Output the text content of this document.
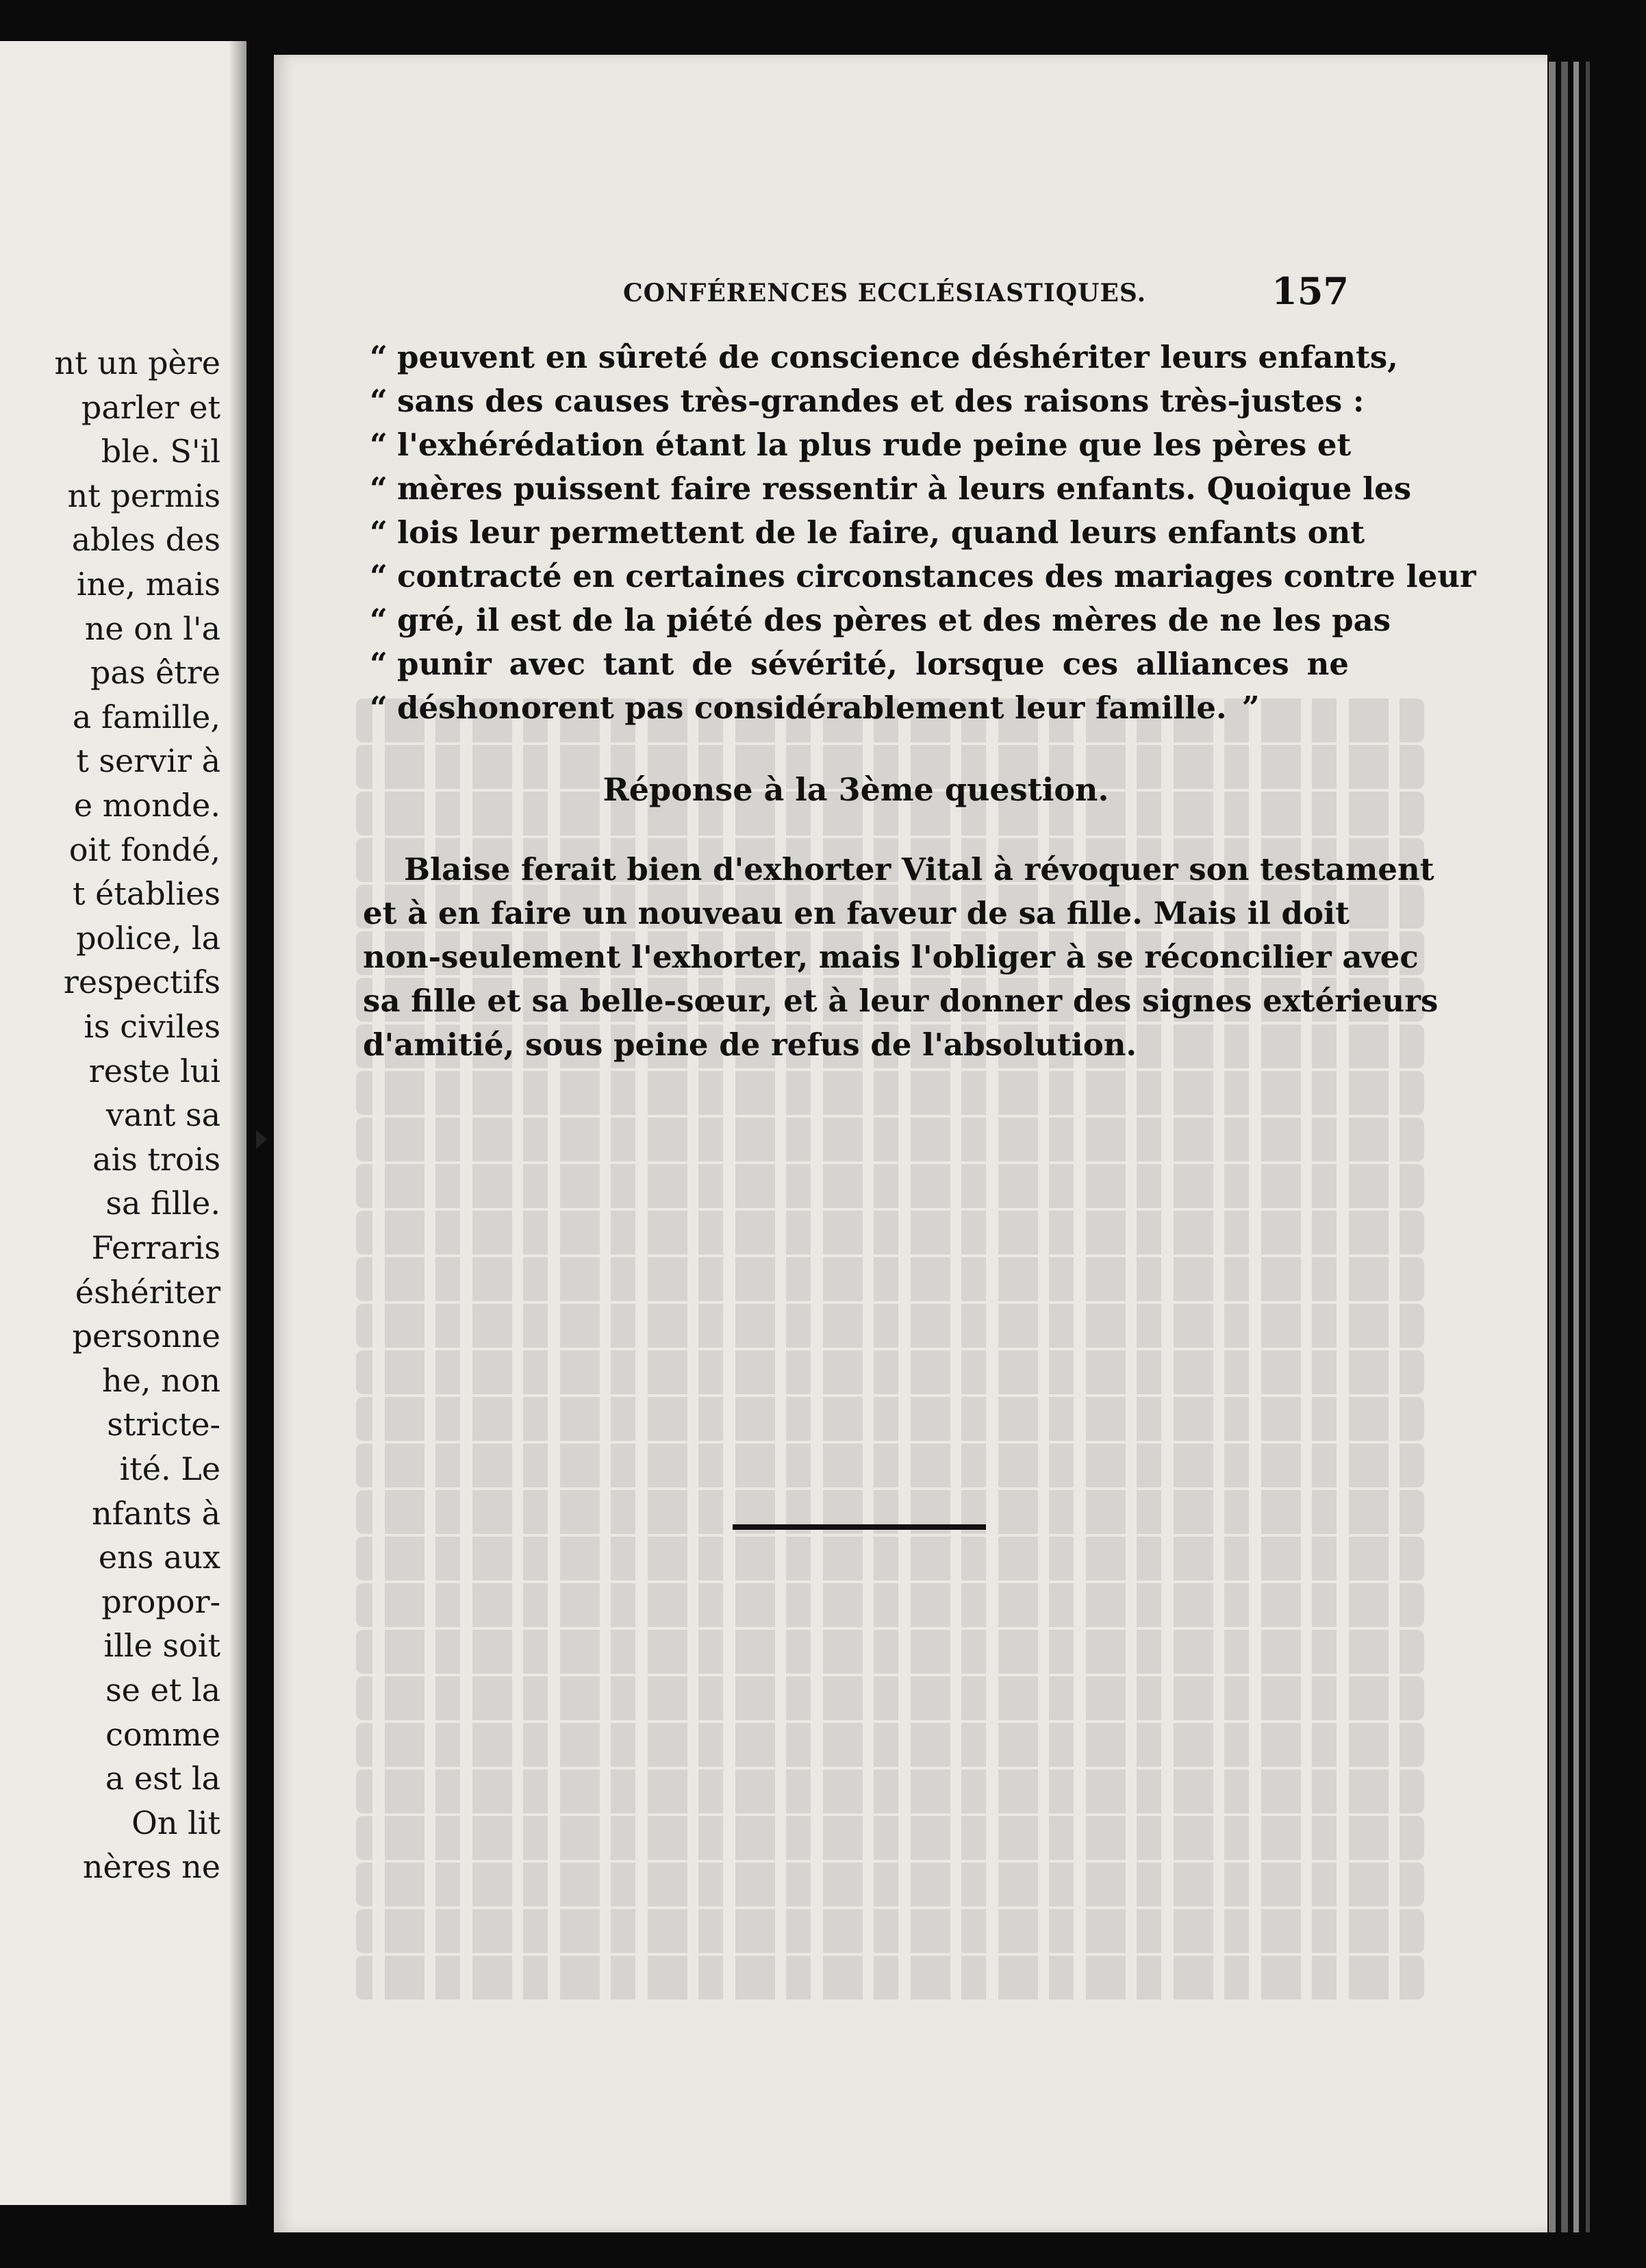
nt un père
parler et
ble. S'il
nt permis
ables des
ine, mais
ne on l'a
pas être
a famille,
t servir à
e monde.
oit fondé,
t établies
police, la
respectifs
is civiles
reste lui
vant sa
ais trois
sa fille.
Ferraris
éshériter
personne
he, non
stricte-
ité. Le
nfants à
ens aux
propor-
ille soit
se et la
comme
a est la
On lit
nères ne
CONFÉRENCES ECCLÉSIASTIQUES.	157
“ peuvent en sûreté de conscience déshériter leurs enfants,
“ sans des causes très-grandes et des raisons très-justes :
“ l'exhérédation étant la plus rude peine que les pères et
“ mères puissent faire ressentir à leurs enfants. Quoique les
“ lois leur permettent de le faire, quand leurs enfants ont
“ contracté en certaines circonstances des mariages contre leur
“ gré, il est de la piété des pères et des mères de ne les pas
“ punir avec tant de sévérité, lorsque ces alliances ne
“ déshonorent pas considérablement leur famille. ”
Réponse à la 3ème question.
Blaise ferait bien d'exhorter Vital à révoquer son testament
et à en faire un nouveau en faveur de sa fille. Mais il doit
non-seulement l'exhorter, mais l'obliger à se réconcilier avec
sa fille et sa belle-sœur, et à leur donner des signes extérieurs
d'amitié, sous peine de refus de l'absolution.
